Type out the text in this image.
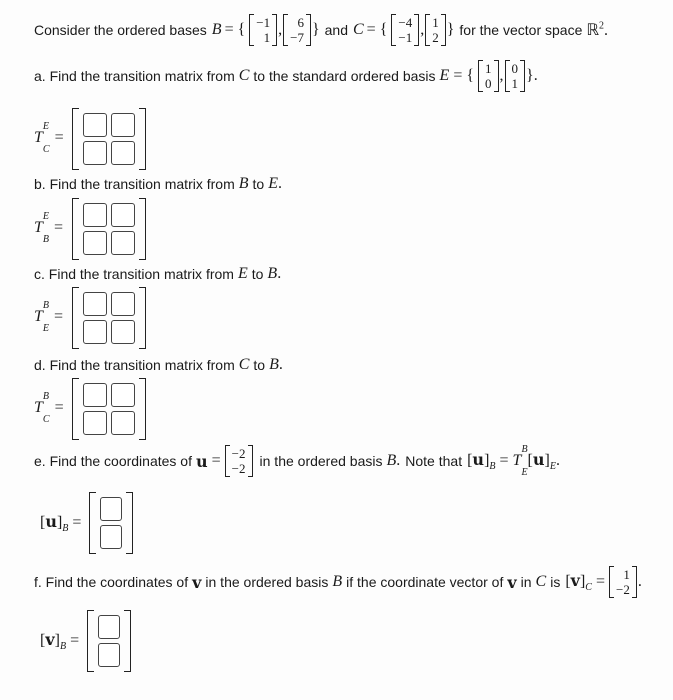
Consider the ordered bases B = { −1
1 ,	6
−7 } and C = { −4
−1 , 1
2 } for the vector space ℝ$^2$.
a. Find the transition matrix from C to the standard ordered basis E = { 1
0 , 0
1 }.
T
E
$_C$ =
b. Find the transition matrix from B to E .
T
E
$_B$ =
c. Find the transition matrix from E to B .
T
B
$_E$ =
d. Find the transition matrix from C to B .
T
B
$_C$ =
e. Find the coordinates of u = −2
−2 in the ordered basis B . Note that $[u]_B = T$
B
$_E[u]_E$.
$[u]_B$ =
f. Find the coordinates of v in the ordered basis B if the coordinate vector of v in C is $[v]_C$ =	1
−2 .
$[v]_B$ =
